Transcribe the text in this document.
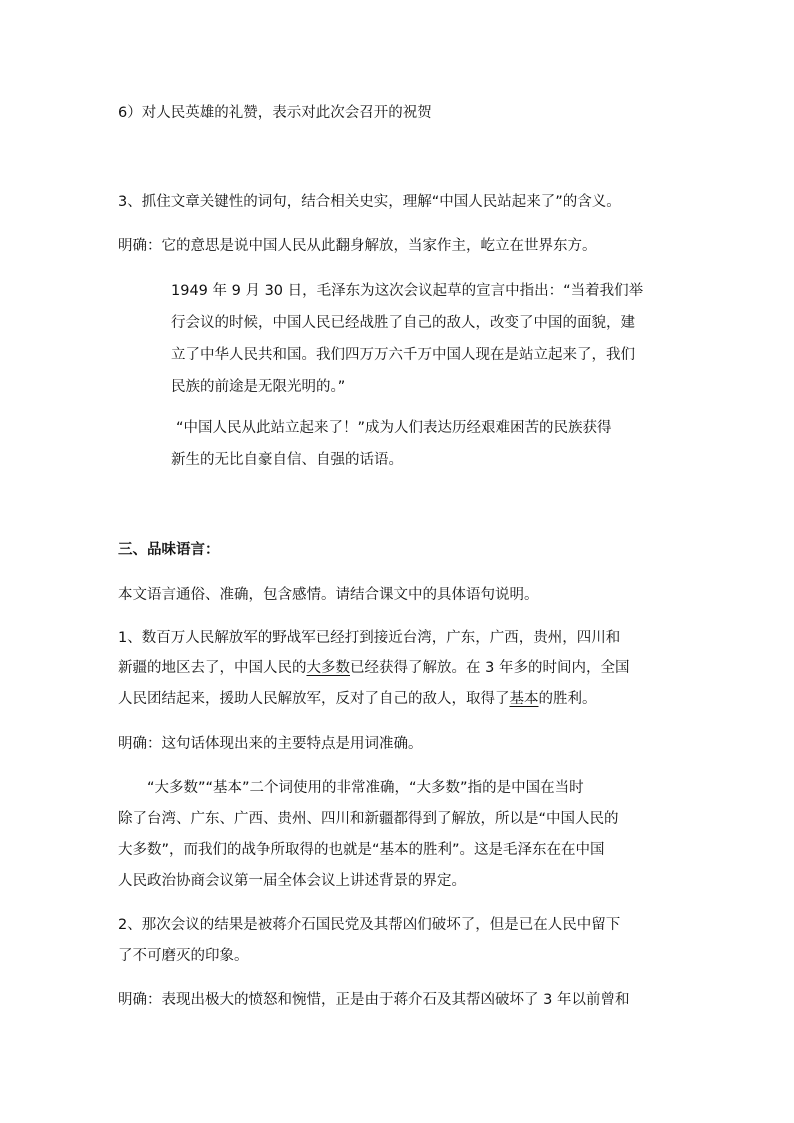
6）对人民英雄的礼赞，表示对此次会召开的祝贺
3、抓住文章关键性的词句，结合相关史实，理解“中国人民站起来了”的含义。
明确：它的意思是说中国人民从此翻身解放，当家作主，屹立在世界东方。
1949 年 9 月 30 日，毛泽东为这次会议起草的宣言中指出：“当着我们举
行会议的时候，中国人民已经战胜了自己的敌人，改变了中国的面貌，建
立了中华人民共和国。我们四万万六千万中国人现在是站立起来了，我们
民族的前途是无限光明的。”
“中国人民从此站立起来了！”成为人们表达历经艰难困苦的民族获得
新生的无比自豪自信、自强的话语。
三、品味语言：
本文语言通俗、准确，包含感情。请结合课文中的具体语句说明。
1、数百万人民解放军的野战军已经打到接近台湾，广东，广西，贵州，四川和
新疆的地区去了，中国人民的大多数已经获得了解放。在 3 年多的时间内，全国
人民团结起来，援助人民解放军，反对了自己的敌人，取得了基本的胜利。
明确：这句话体现出来的主要特点是用词准确。
“大多数”“基本”二个词使用的非常准确，“大多数”指的是中国在当时
除了台湾、广东、广西、贵州、四川和新疆都得到了解放，所以是“中国人民的
大多数”，而我们的战争所取得的也就是“基本的胜利”。这是毛泽东在在中国
人民政治协商会议第一届全体会议上讲述背景的界定。
2、那次会议的结果是被蒋介石国民党及其帮凶们破坏了，但是已在人民中留下
了不可磨灭的印象。
明确：表现出极大的愤怒和惋惜，正是由于蒋介石及其帮凶破坏了 3 年以前曾和
